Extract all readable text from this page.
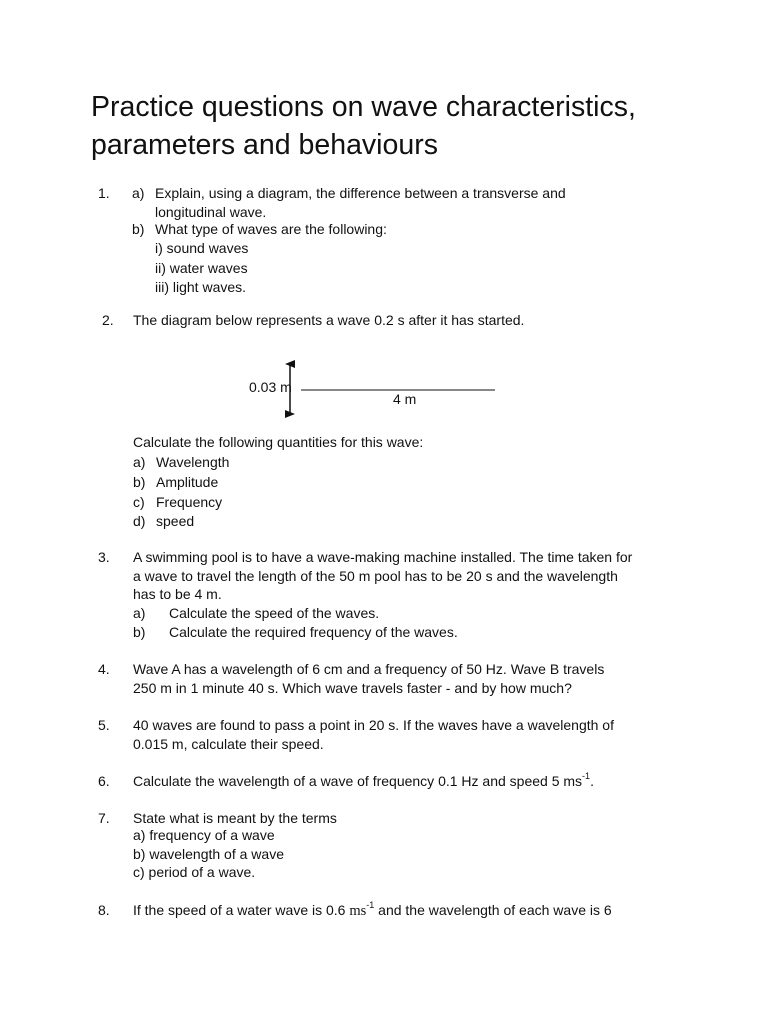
Practice questions on wave characteristics, parameters and behaviours
1. a) Explain, using a diagram, the difference between a transverse and
longitudinal wave.
b) What type of waves are the following:
i) sound waves
ii) water waves
iii) light waves.
2. The diagram below represents a wave 0.2 s after it has started.
0.03 m
4 m
Calculate the following quantities for this wave:
a) Wavelength
b) Amplitude
c) Frequency
d) speed
3. A swimming pool is to have a wave-making machine installed. The time taken for
a wave to travel the length of the 50 m pool has to be 20 s and the wavelength
has to be 4 m.
a) Calculate the speed of the waves.
b) Calculate the required frequency of the waves.
4. Wave A has a wavelength of 6 cm and a frequency of 50 Hz. Wave B travels
250 m in 1 minute 40 s. Which wave travels faster - and by how much?
5. 40 waves are found to pass a point in 20 s. If the waves have a wavelength of
0.015 m, calculate their speed.
6. Calculate the wavelength of a wave of frequency 0.1 Hz and speed 5 $ms^{-1}$.
7. State what is meant by the terms
a) frequency of a wave
b) wavelength of a wave
c) period of a wave.
8. If the speed of a water wave is 0.6 $ms^{-1}$ and the wavelength of each wave is 6
